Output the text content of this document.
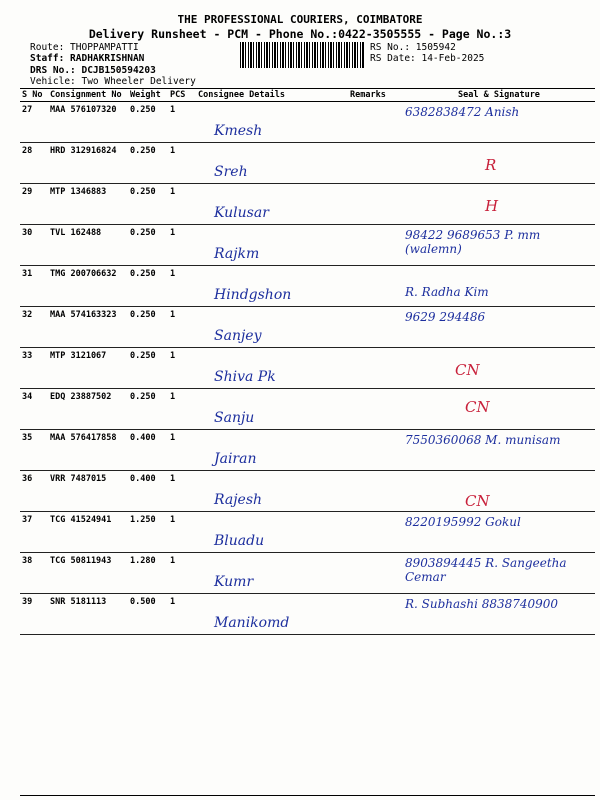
THE PROFESSIONAL COURIERS, COIMBATORE
Delivery Runsheet - PCM - Phone No.:0422-3505555 - Page No.:3
Route: THOPPAMPATTI
Staff: RADHAKRISHNAN
DRS No.: DCJB150594203
Vehicle: Two Wheeler Delivery
RS No.: 1505942
RS Date: 14-Feb-2025
S No	Consignment No	Weight	PCS	Consignee Details	Remarks	Seal & Signature
27	MAA 576107320	0.250	1	Kmesh		6382838472 Anish
28	HRD 312916824	0.250	1	Sreh		R
29	MTP 1346883	0.250	1	Kulusar		H
30	TVL 162488	0.250	1	Rajkm		98422 9689653 P. mm (walemn)
31	TMG 200706632	0.250	1	Hindgshon		R. Radha Kim
32	MAA 574163323	0.250	1	Sanjey		9629 294486
33	MTP 3121067	0.250	1	Shiva Pk		CN
34	EDQ 23887502	0.250	1	Sanju		CN
35	MAA 576417858	0.400	1	Jairan		7550360068 M. munisam
36	VRR 7487015	0.400	1	Rajesh		CN
37	TCG 41524941	1.250	1	Bluadu		8220195992 Gokul
38	TCG 50811943	1.280	1	Kumr		8903894445 R. Sangeetha Cemar
39	SNR 5181113	0.500	1	Manikomd		R. Subhashi 8838740900
